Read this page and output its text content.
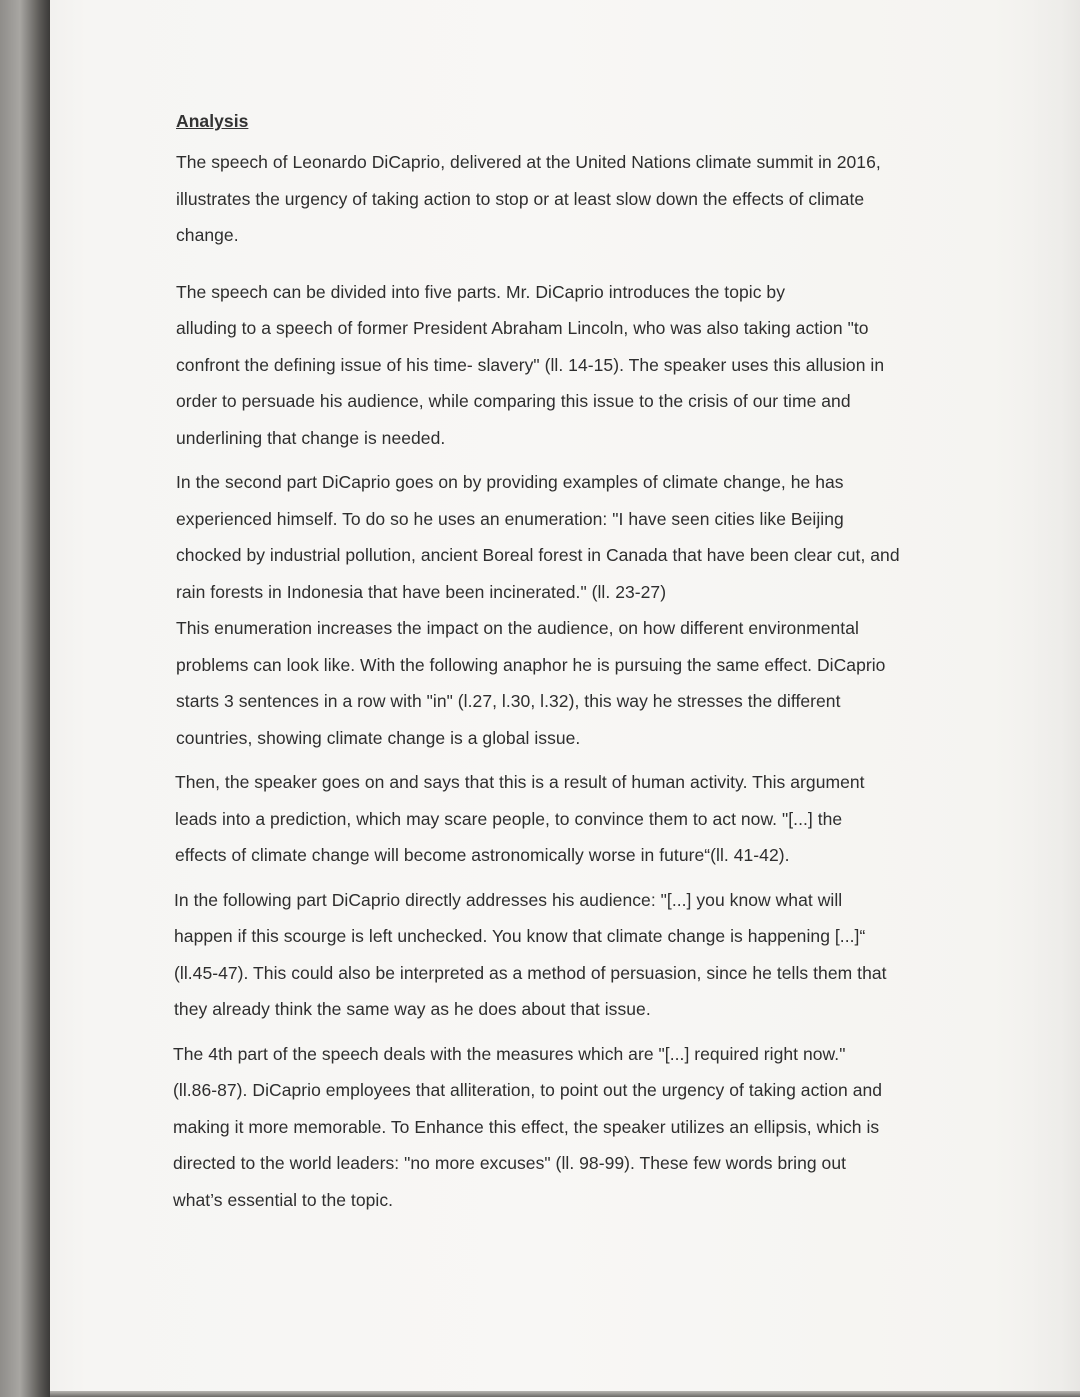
Analysis
The speech of Leonardo DiCaprio, delivered at the United Nations climate summit in 2016,
illustrates the urgency of taking action to stop or at least slow down the effects of climate
change.
The speech can be divided into five parts. Mr. DiCaprio introduces the topic by
alluding to a speech of former President Abraham Lincoln, who was also taking action "to
confront the defining issue of his time- slavery" (ll. 14-15). The speaker uses this allusion in
order to persuade his audience, while comparing this issue to the crisis of our time and
underlining that change is needed.
In the second part DiCaprio goes on by providing examples of climate change, he has
experienced himself. To do so he uses an enumeration: "I have seen cities like Beijing
chocked by industrial pollution, ancient Boreal forest in Canada that have been clear cut, and
rain forests in Indonesia that have been incinerated." (ll. 23-27)
This enumeration increases the impact on the audience, on how different environmental
problems can look like. With the following anaphor he is pursuing the same effect. DiCaprio
starts 3 sentences in a row with "in" (l.27, l.30, l.32), this way he stresses the different
countries, showing climate change is a global issue.
Then, the speaker goes on and says that this is a result of human activity. This argument
leads into a prediction, which may scare people, to convince them to act now. "[...] the
effects of climate change will become astronomically worse in future“(ll. 41-42).
In the following part DiCaprio directly addresses his audience: "[...] you know what will
happen if this scourge is left unchecked. You know that climate change is happening [...]“
(ll.45-47). This could also be interpreted as a method of persuasion, since he tells them that
they already think the same way as he does about that issue.
The 4th part of the speech deals with the measures which are "[...] required right now."
(ll.86-87). DiCaprio employees that alliteration, to point out the urgency of taking action and
making it more memorable. To Enhance this effect, the speaker utilizes an ellipsis, which is
directed to the world leaders: "no more excuses" (ll. 98-99). These few words bring out
what’s essential to the topic.
